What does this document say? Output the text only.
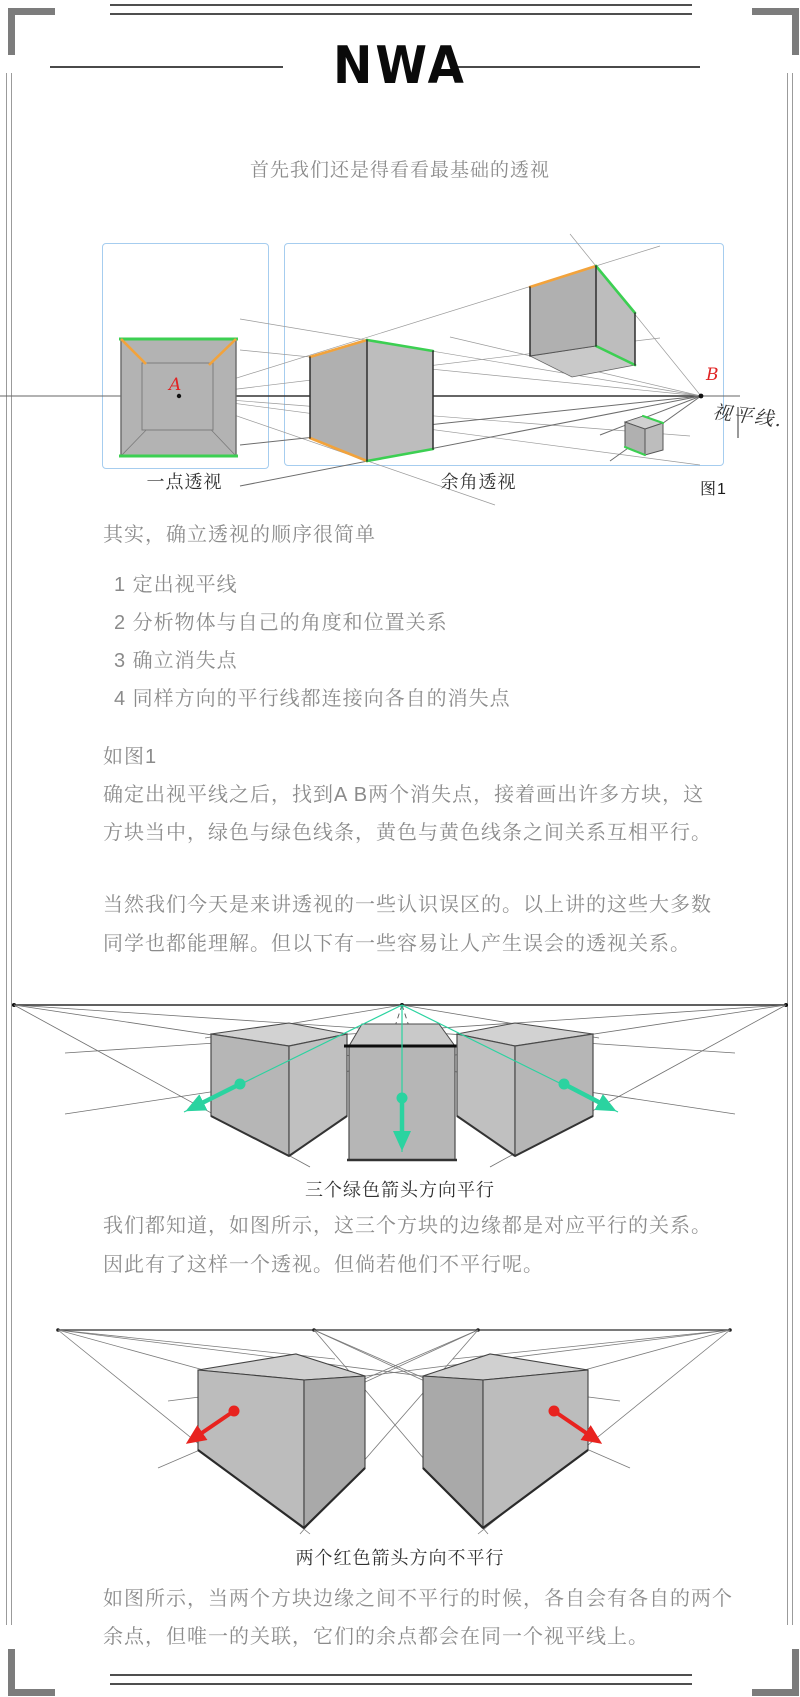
NWA
首先我们还是得看看最基础的透视
A	B
视平线.
一点透视	余角透视	图1
其实，确立透视的顺序很简单
1 定出视平线
2 分析物体与自己的角度和位置关系
3 确立消失点
4 同样方向的平行线都连接向各自的消失点
如图1
确定出视平线之后，找到A B两个消失点，接着画出许多方块，这
方块当中，绿色与绿色线条，黄色与黄色线条之间关系互相平行。
当然我们今天是来讲透视的一些认识误区的。以上讲的这些大多数
同学也都能理解。但以下有一些容易让人产生误会的透视关系。
三个绿色箭头方向平行
我们都知道，如图所示，这三个方块的边缘都是对应平行的关系。
因此有了这样一个透视。但倘若他们不平行呢。
两个红色箭头方向不平行
如图所示，当两个方块边缘之间不平行的时候，各自会有各自的两个
余点，但唯一的关联，它们的余点都会在同一个视平线上。
